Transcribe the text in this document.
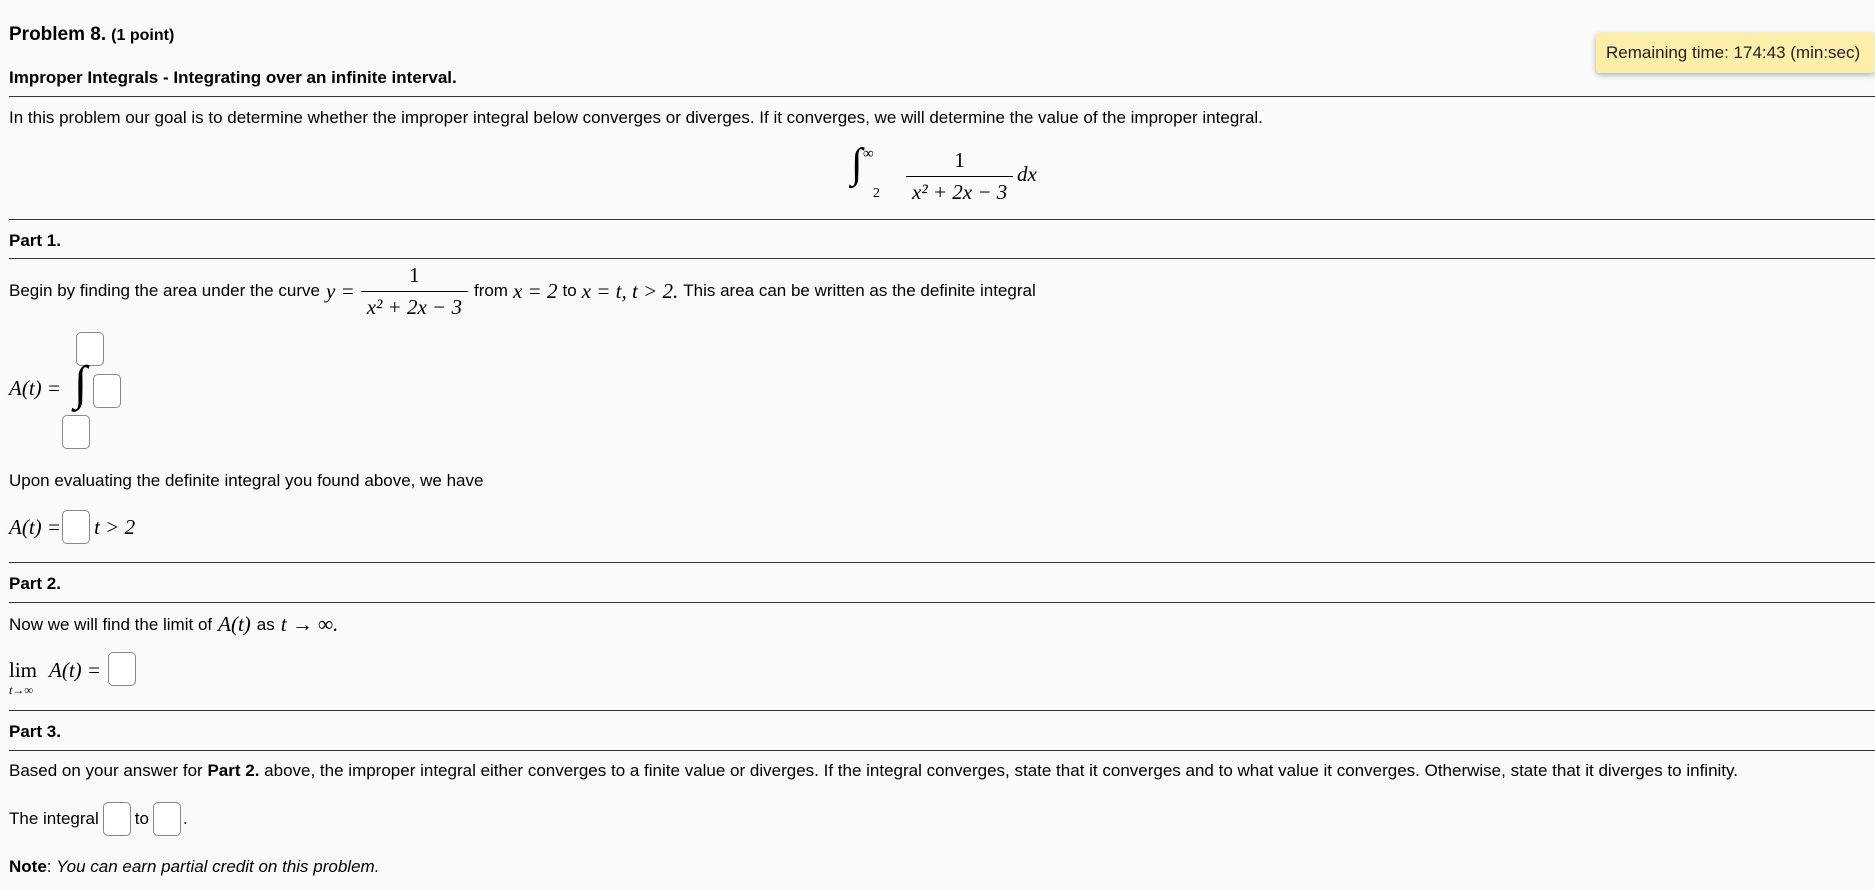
Problem 8. (1 point)
Improper Integrals - Integrating over an infinite interval.
In this problem our goal is to determine whether the improper integral below converges or diverges. If it converges, we will determine the value of the improper integral.
∞
∫
$2 \frac{1}{\text{x² + 2x − 3}}$ dx
Part 1.
Begin by finding the area under the curve $y = \frac{1}{\text{x² + 2x − 3}}$ from x = 2 to x = t, t > 2. This area can be written as the definite integral
A(t) = ∫
Upon evaluating the definite integral you found above, we have
A(t) = t > 2
Part 2.
Now we will find the limit of A(t) as t → ∞.
lim
t→∞
A(t) =
Part 3.
Based on your answer for Part 2. above, the improper integral either converges to a finite value or diverges. If the integral converges, state that it converges and to what value it converges. Otherwise, state that it diverges to infinity.
The integral to .
Note: You can earn partial credit on this problem.
Remaining time: 174:43 (min:sec)
